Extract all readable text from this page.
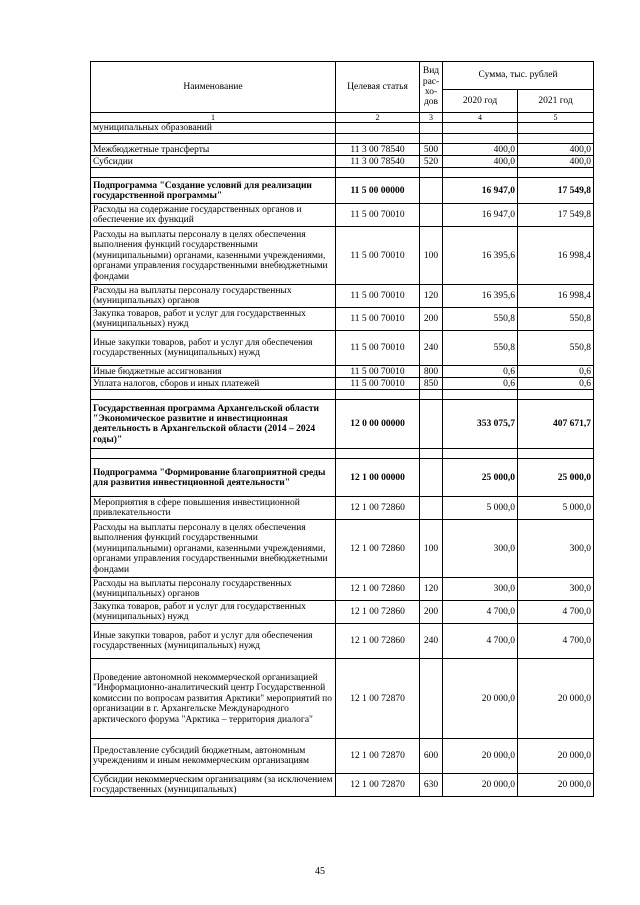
Наименование	Целевая статья	Вид рас-хо-дов	Сумма, тыс. рублей	
			2020 год	2021 год
1	2	3	4	5
муниципальных образований				

Межбюджетные трансферты	11 3 00 78540	500	400,0	400,0
Субсидии	11 3 00 78540	520	400,0	400,0

Подпрограмма "Создание условий для реализации государственной программы"	11 5 00 00000		16 947,0	17 549,8
Расходы на содержание государственных органов и обеспечение их функций	11 5 00 70010		16 947,0	17 549,8
Расходы на выплаты персоналу в целях обеспечения выполнения функций государственными (муниципальными) органами, казенными учреждениями, органами управления государственными внебюджетными фондами	11 5 00 70010	100	16 395,6	16 998,4
Расходы на выплаты персоналу государственных (муниципальных) органов	11 5 00 70010	120	16 395,6	16 998,4
Закупка товаров, работ и услуг для государственных (муниципальных) нужд	11 5 00 70010	200	550,8	550,8
Иные закупки товаров, работ и услуг для обеспечения государственных (муниципальных) нужд	11 5 00 70010	240	550,8	550,8
Иные бюджетные ассигнования	11 5 00 70010	800	0,6	0,6
Уплата налогов, сборов и иных платежей	11 5 00 70010	850	0,6	0,6

Государственная программа Архангельской области "Экономическое развитие и инвестиционная деятельность в Архангельской области (2014 – 2024 годы)"	12 0 00 00000		353 075,7	407 671,7

Подпрограмма "Формирование благоприятной среды для развития инвестиционной деятельности"	12 1 00 00000		25 000,0	25 000,0
Мероприятия в сфере повышения инвестиционной привлекательности	12 1 00 72860		5 000,0	5 000,0
Расходы на выплаты персоналу в целях обеспечения выполнения функций государственными (муниципальными) органами, казенными учреждениями, органами управления государственными внебюджетными фондами	12 1 00 72860	100	300,0	300,0
Расходы на выплаты персоналу государственных (муниципальных) органов	12 1 00 72860	120	300,0	300,0
Закупка товаров, работ и услуг для государственных (муниципальных) нужд	12 1 00 72860	200	4 700,0	4 700,0
Иные закупки товаров, работ и услуг для обеспечения государственных (муниципальных) нужд	12 1 00 72860	240	4 700,0	4 700,0
Проведение автономной некоммерческой организацией "Информационно-аналитический центр Государственной комиссии по вопросам развития Арктики" мероприятий по организации в г. Архангельске Международного арктического форума "Арктика – территория диалога"	12 1 00 72870		20 000,0	20 000,0
Предоставление субсидий бюджетным, автономным учреждениям и иным некоммерческим организациям	12 1 00 72870	600	20 000,0	20 000,0
Субсидии некоммерческим организациям (за исключением государственных (муниципальных)	12 1 00 72870	630	20 000,0	20 000,0
45
